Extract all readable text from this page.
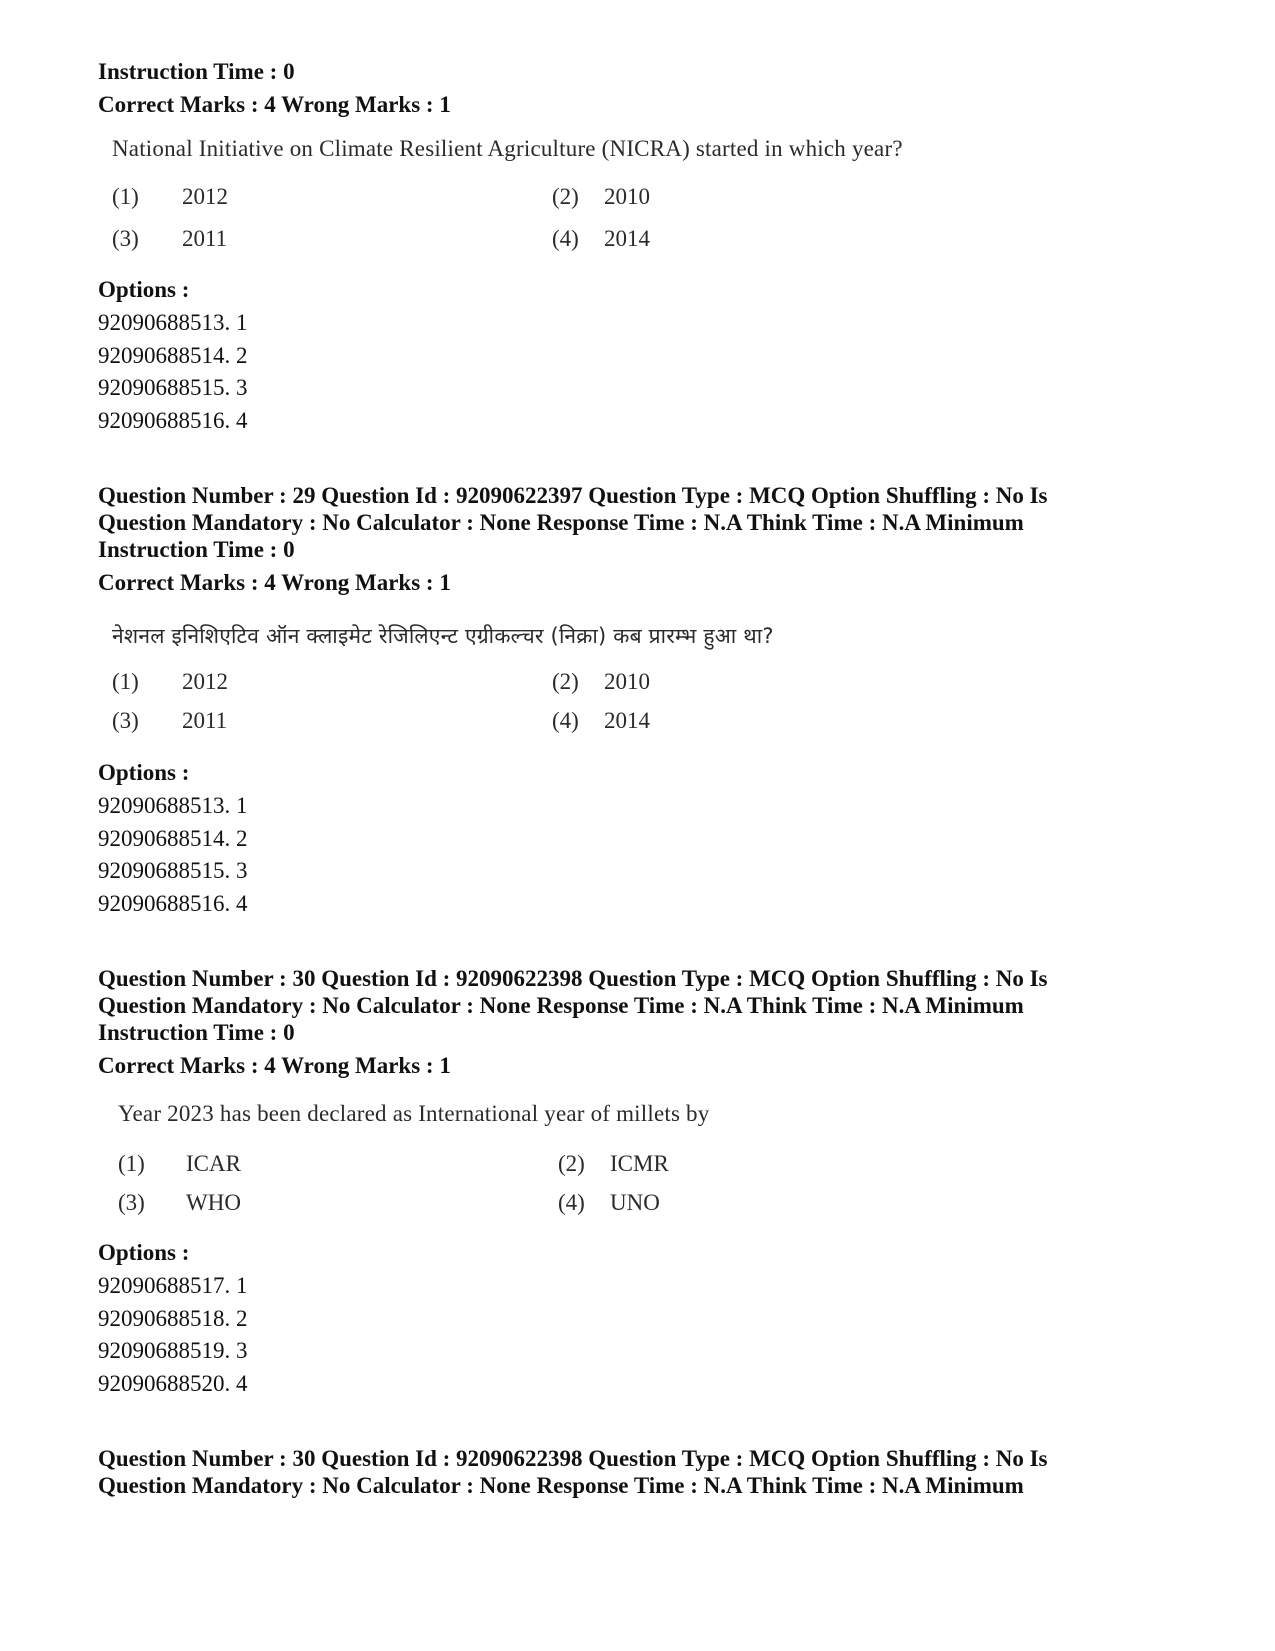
Instruction Time : 0
Correct Marks : 4 Wrong Marks : 1
National Initiative on Climate Resilient Agriculture (NICRA) started in which year?
(1) 2012	(2) 2010
(3) 2011	(4) 2014
Options :
92090688513. 1
92090688514. 2
92090688515. 3
92090688516. 4
Question Number : 29 Question Id : 92090622397 Question Type : MCQ Option Shuffling : No Is
Question Mandatory : No Calculator : None Response Time : N.A Think Time : N.A Minimum
Instruction Time : 0
Correct Marks : 4 Wrong Marks : 1
नेशनल इनिशिएटिव ऑन क्लाइमेट रेजिलिएन्ट एग्रीकल्चर (निक्रा) कब प्रारम्भ हुआ था?
(1) 2012	(2) 2010
(3) 2011	(4) 2014
Options :
92090688513. 1
92090688514. 2
92090688515. 3
92090688516. 4
Question Number : 30 Question Id : 92090622398 Question Type : MCQ Option Shuffling : No Is
Question Mandatory : No Calculator : None Response Time : N.A Think Time : N.A Minimum
Instruction Time : 0
Correct Marks : 4 Wrong Marks : 1
Year 2023 has been declared as International year of millets by
(1) ICAR	(2) ICMR
(3) WHO	(4) UNO
Options :
92090688517. 1
92090688518. 2
92090688519. 3
92090688520. 4
Question Number : 30 Question Id : 92090622398 Question Type : MCQ Option Shuffling : No Is
Question Mandatory : No Calculator : None Response Time : N.A Think Time : N.A Minimum
